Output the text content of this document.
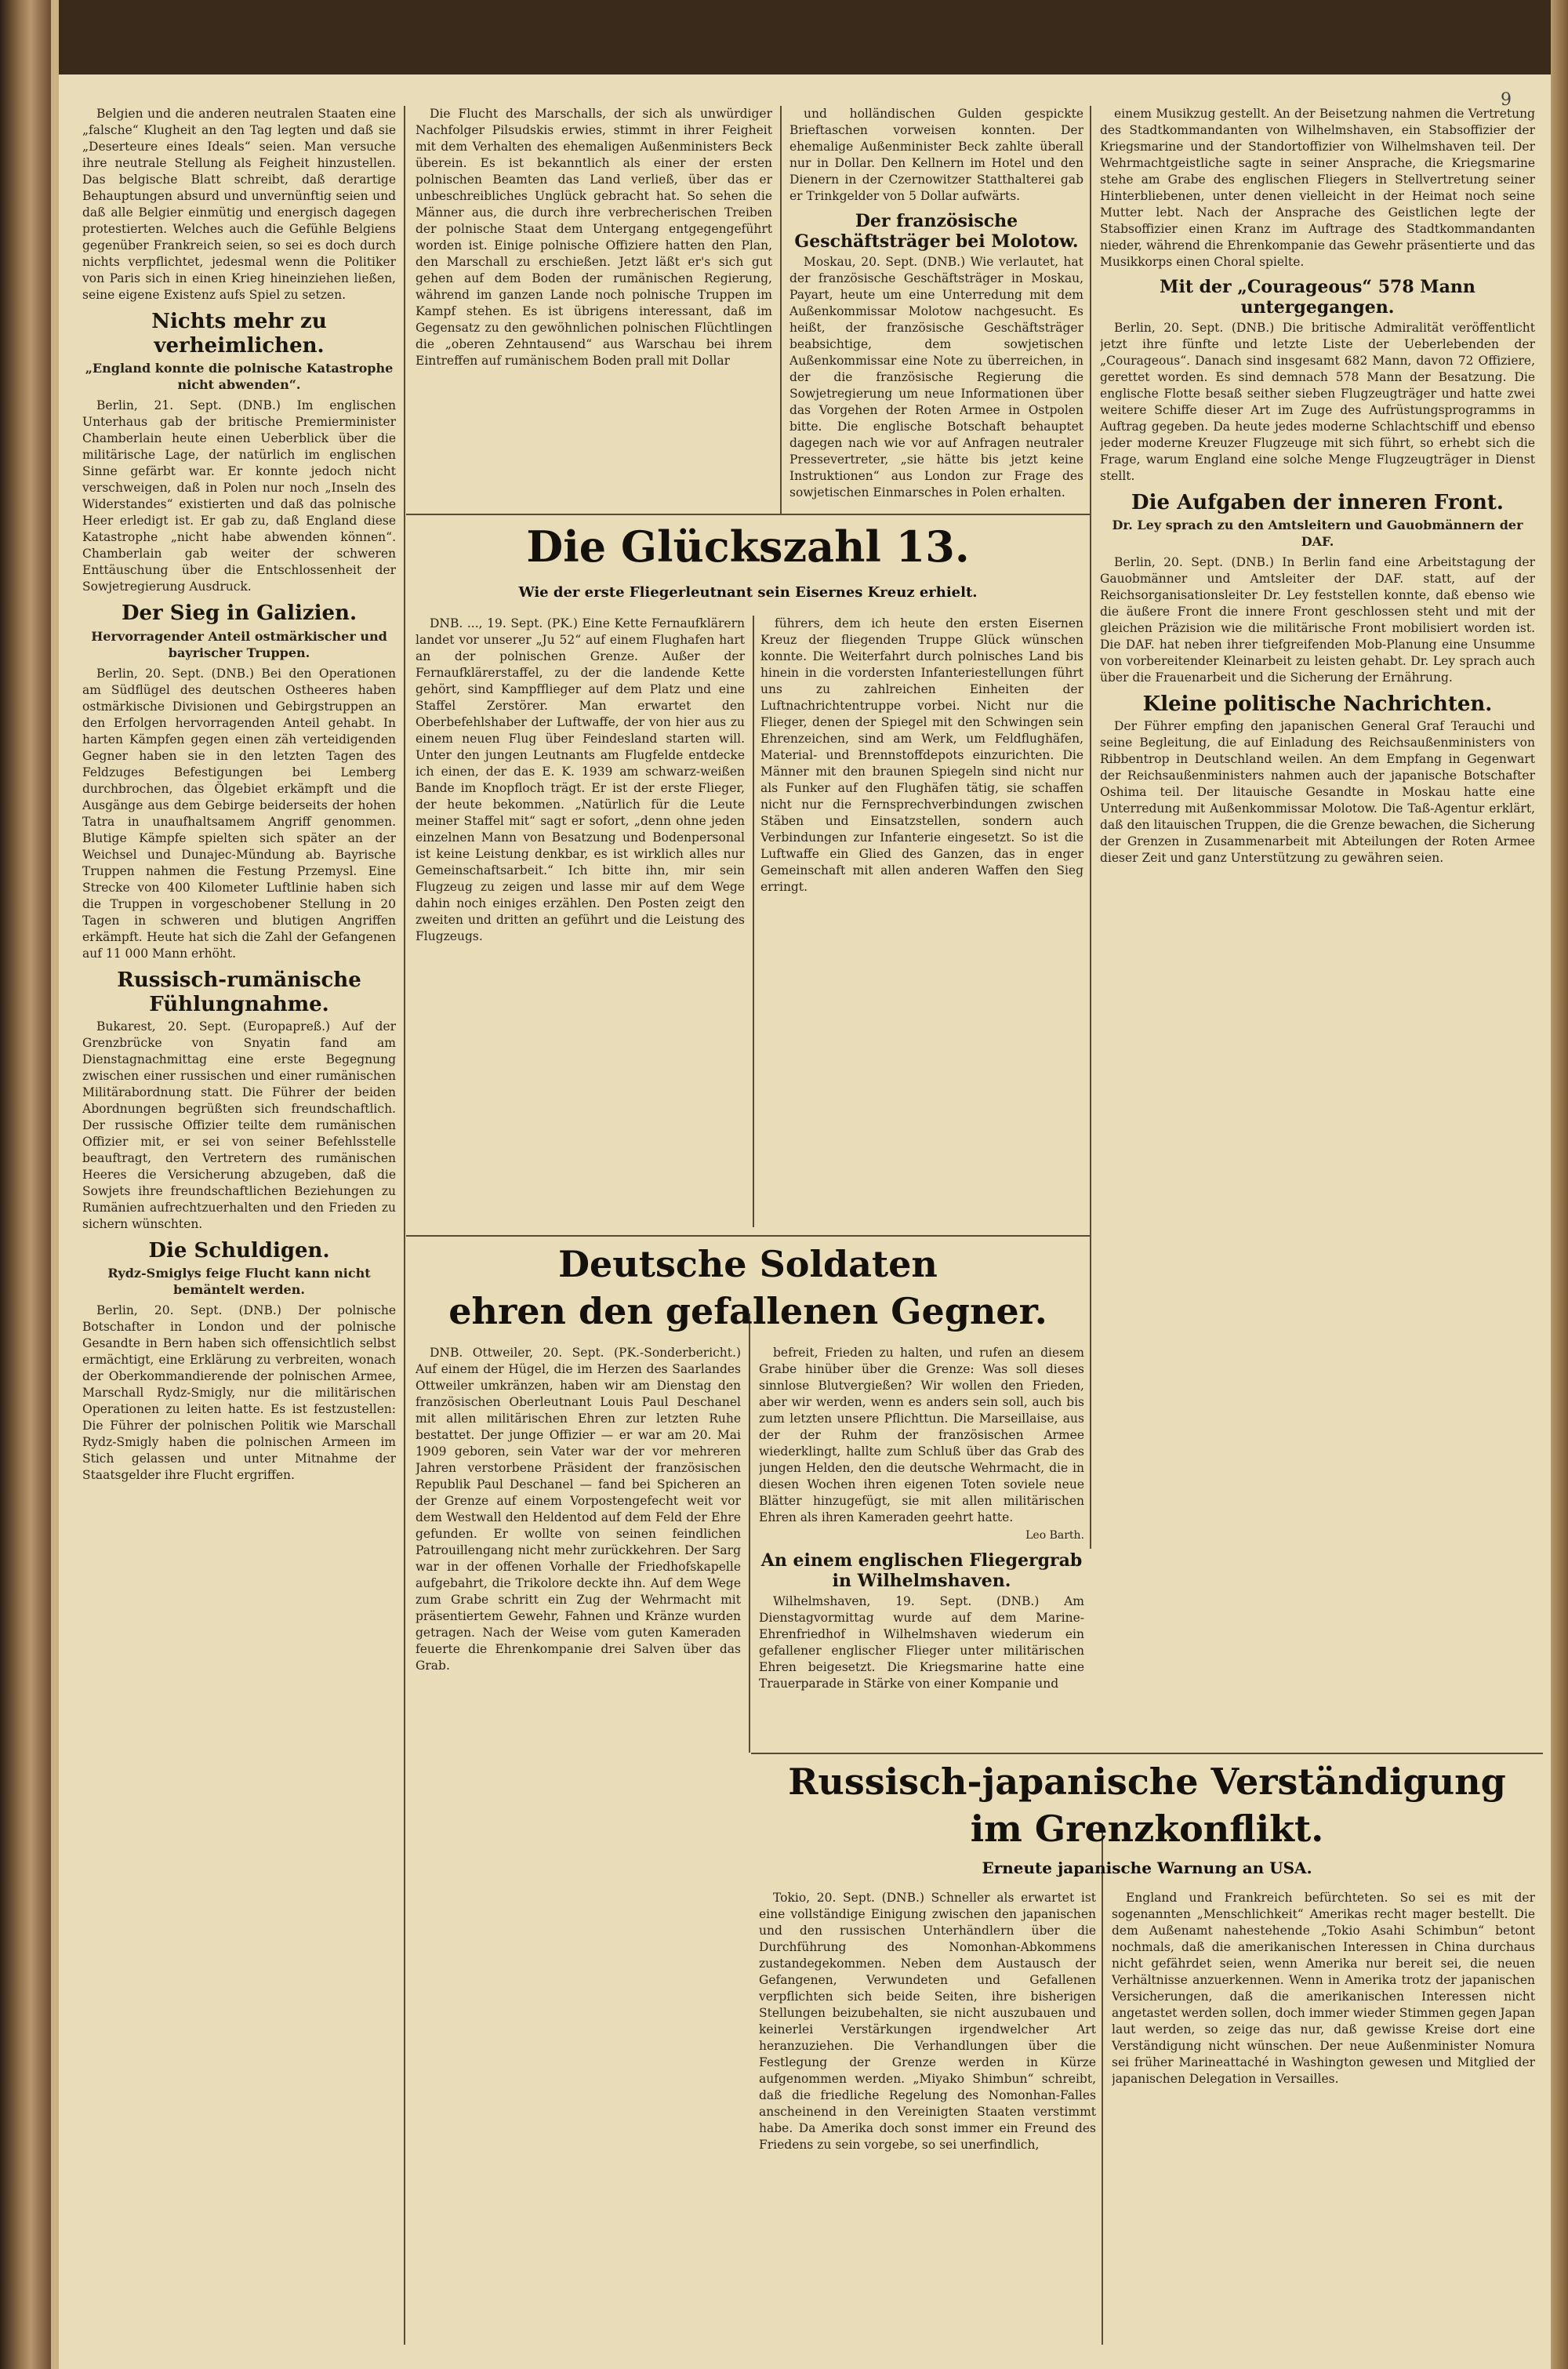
9

Belgien und die anderen neutralen Staaten eine „falsche“ Klugheit an den Tag legten und daß sie „Deserteure eines Ideals“ seien. Man versuche ihre neutrale Stellung als Feigheit hinzustellen. Das belgische Blatt schreibt, daß derartige Behauptungen absurd und unvernünftig seien und daß alle Belgier einmütig und energisch dagegen protestierten. Welches auch die Gefühle Belgiens gegenüber Frankreich seien, so sei es doch durch nichts verpflichtet, jedesmal wenn die Politiker von Paris sich in einen Krieg hineinziehen ließen, seine eigene Existenz aufs Spiel zu setzen.

Nichts mehr zu verheimlichen.
„England konnte die polnische Katastrophe nicht abwenden“.

Berlin, 21. Sept. (DNB.) Im englischen Unterhaus gab der britische Premierminister Chamberlain heute einen Ueberblick über die militärische Lage, der natürlich im englischen Sinne gefärbt war. Er konnte jedoch nicht verschweigen, daß in Polen nur noch „Inseln des Widerstandes“ existierten und daß das polnische Heer erledigt ist. Er gab zu, daß England diese Katastrophe „nicht habe abwenden können“. Chamberlain gab weiter der schweren Enttäuschung über die Entschlossenheit der Sowjetregierung Ausdruck.

Der Sieg in Galizien.
Hervorragender Anteil ostmärkischer und bayrischer Truppen.

Berlin, 20. Sept. (DNB.) Bei den Operationen am Südflügel des deutschen Ostheeres haben ostmärkische Divisionen und Gebirgstruppen an den Erfolgen hervorragenden Anteil gehabt. In harten Kämpfen gegen einen zäh verteidigenden Gegner haben sie in den letzten Tagen des Feldzuges Befestigungen bei Lemberg durchbrochen, das Ölgebiet erkämpft und die Ausgänge aus dem Gebirge beiderseits der hohen Tatra in unaufhaltsamem Angriff genommen. Blutige Kämpfe spielten sich später an der Weichsel und Dunajec-Mündung ab. Bayrische Truppen nahmen die Festung Przemysl. Eine Strecke von 400 Kilometer Luftlinie haben sich die Truppen in vorgeschobener Stellung in 20 Tagen in schweren und blutigen Angriffen erkämpft. Heute hat sich die Zahl der Gefangenen auf 11 000 Mann erhöht.

Russisch-rumänische Fühlungnahme.

Bukarest, 20. Sept. (Europapreß.) Auf der Grenzbrücke von Snyatin fand am Dienstagnachmittag eine erste Begegnung zwischen einer russischen und einer rumänischen Militärabordnung statt. Die Führer der beiden Abordnungen begrüßten sich freundschaftlich. Der russische Offizier teilte dem rumänischen Offizier mit, er sei von seiner Befehlsstelle beauftragt, den Vertretern des rumänischen Heeres die Versicherung abzugeben, daß die Sowjets ihre freundschaftlichen Beziehungen zu Rumänien aufrechtzuerhalten und den Frieden zu sichern wünschten.

Die Schuldigen.
Rydz-Smiglys feige Flucht kann nicht bemäntelt werden.

Berlin, 20. Sept. (DNB.) Der polnische Botschafter in London und der polnische Gesandte in Bern haben sich offensichtlich selbst ermächtigt, eine Erklärung zu verbreiten, wonach der Oberkommandierende der polnischen Armee, Marschall Rydz-Smigly, nur die militärischen Operationen zu leiten hatte. Es ist festzustellen: Die Führer der polnischen Politik wie Marschall Rydz-Smigly haben die polnischen Armeen im Stich gelassen und unter Mitnahme der Staatsgelder ihre Flucht ergriffen.

Die Flucht des Marschalls, der sich als unwürdiger Nachfolger Pilsudskis erwies, stimmt in ihrer Feigheit mit dem Verhalten des ehemaligen Außenministers Beck überein. Es ist bekanntlich als einer der ersten polnischen Beamten das Land verließ, über das er unbeschreibliches Unglück gebracht hat. So sehen die Männer aus, die durch ihre verbrecherischen Treiben der polnische Staat dem Untergang entgegengeführt worden ist. Einige polnische Offiziere hatten den Plan, den Marschall zu erschießen. Jetzt läßt er's sich gut gehen auf dem Boden der rumänischen Regierung, während im ganzen Lande noch polnische Truppen im Kampf stehen. Es ist übrigens interessant, daß im Gegensatz zu den gewöhnlichen polnischen Flüchtlingen die „oberen Zehntausend“ aus Warschau bei ihrem Eintreffen auf rumänischem Boden prall mit Dollar

und holländischen Gulden gespickte Brieftaschen vorweisen konnten. Der ehemalige Außenminister Beck zahlte überall nur in Dollar. Den Kellnern im Hotel und den Dienern in der Czernowitzer Statthalterei gab er Trinkgelder von 5 Dollar aufwärts.

Der französische Geschäftsträger bei Molotow.

Moskau, 20. Sept. (DNB.) Wie verlautet, hat der französische Geschäftsträger in Moskau, Payart, heute um eine Unterredung mit dem Außenkommissar Molotow nachgesucht. Es heißt, der französische Geschäftsträger beabsichtige, dem sowjetischen Außenkommissar eine Note zu überreichen, in der die französische Regierung die Sowjetregierung um neue Informationen über das Vorgehen der Roten Armee in Ostpolen bitte. Die englische Botschaft behauptet dagegen nach wie vor auf Anfragen neutraler Pressevertreter, „sie hätte bis jetzt keine Instruktionen“ aus London zur Frage des sowjetischen Einmarsches in Polen erhalten.

einem Musikzug gestellt. An der Beisetzung nahmen die Vertretung des Stadtkommandanten von Wilhelmshaven, ein Stabsoffizier der Kriegsmarine und der Standortoffizier von Wilhelmshaven teil. Der Wehrmachtgeistliche sagte in seiner Ansprache, die Kriegsmarine stehe am Grabe des englischen Fliegers in Stellvertretung seiner Hinterbliebenen, unter denen vielleicht in der Heimat noch seine Mutter lebt. Nach der Ansprache des Geistlichen legte der Stabsoffizier einen Kranz im Auftrage des Stadtkommandanten nieder, während die Ehrenkompanie das Gewehr präsentierte und das Musikkorps einen Choral spielte.

Mit der „Courageous“ 578 Mann untergegangen.

Berlin, 20. Sept. (DNB.) Die britische Admiralität veröffentlicht jetzt ihre fünfte und letzte Liste der Ueberlebenden der „Courageous“. Danach sind insgesamt 682 Mann, davon 72 Offiziere, gerettet worden. Es sind demnach 578 Mann der Besatzung. Die englische Flotte besaß seither sieben Flugzeugträger und hatte zwei weitere Schiffe dieser Art im Zuge des Aufrüstungsprogramms in Auftrag gegeben. Da heute jedes moderne Schlachtschiff und ebenso jeder moderne Kreuzer Flugzeuge mit sich führt, so erhebt sich die Frage, warum England eine solche Menge Flugzeugträger in Dienst stellt.

Die Aufgaben der inneren Front.
Dr. Ley sprach zu den Amtsleitern und Gauobmännern der DAF.

Berlin, 20. Sept. (DNB.) In Berlin fand eine Arbeitstagung der Gauobmänner und Amtsleiter der DAF. statt, auf der Reichsorganisationsleiter Dr. Ley feststellen konnte, daß ebenso wie die äußere Front die innere Front geschlossen steht und mit der gleichen Präzision wie die militärische Front mobilisiert worden ist. Die DAF. hat neben ihrer tiefgreifenden Mob-Planung eine Unsumme von vorbereitender Kleinarbeit zu leisten gehabt. Dr. Ley sprach auch über die Frauenarbeit und die Sicherung der Ernährung.

Kleine politische Nachrichten.

Der Führer empfing den japanischen General Graf Terauchi und seine Begleitung, die auf Einladung des Reichsaußenministers von Ribbentrop in Deutschland weilen. An dem Empfang in Gegenwart der Reichsaußenministers nahmen auch der japanische Botschafter Oshima teil. Der litauische Gesandte in Moskau hatte eine Unterredung mit Außenkommissar Molotow. Die Taß-Agentur erklärt, daß den litauischen Truppen, die die Grenze bewachen, die Sicherung der Grenzen in Zusammenarbeit mit Abteilungen der Roten Armee dieser Zeit und ganz Unterstützung zu gewähren seien.

Die Glückszahl 13.
Wie der erste Fliegerleutnant sein Eisernes Kreuz erhielt.

DNB. ..., 19. Sept. (PK.) Eine Kette Fernaufklärern landet vor unserer „Ju 52“ auf einem Flughafen hart an der polnischen Grenze. Außer der Fernaufklärerstaffel, zu der die landende Kette gehört, sind Kampfflieger auf dem Platz und eine Staffel Zerstörer. Man erwartet den Oberbefehlshaber der Luftwaffe, der von hier aus zu einem neuen Flug über Feindesland starten will. Unter den jungen Leutnants am Flugfelde entdecke ich einen, der das E. K. 1939 am schwarz-weißen Bande im Knopfloch trägt. Er ist der erste Flieger, der heute bekommen. „Natürlich für die Leute meiner Staffel mit“ sagt er sofort, „denn ohne jeden einzelnen Mann von Besatzung und Bodenpersonal ist keine Leistung denkbar, es ist wirklich alles nur Gemeinschaftsarbeit.“ Ich bitte ihn, mir sein Flugzeug zu zeigen und lasse mir auf dem Wege dahin noch einiges erzählen. Den Posten zeigt den zweiten und dritten an geführt und die Leistung des Flugzeugs.

führers, dem ich heute den ersten Eisernen Kreuz der fliegenden Truppe Glück wünschen konnte. Die Weiterfahrt durch polnisches Land bis hinein in die vordersten Infanteriestellungen führt uns zu zahlreichen Einheiten der Luftnachrichtentruppe vorbei. Nicht nur die Flieger, denen der Spiegel mit den Schwingen sein Ehrenzeichen, sind am Werk, um Feldflughäfen, Material- und Brennstoffdepots einzurichten. Die Männer mit den braunen Spiegeln sind nicht nur als Funker auf den Flughäfen tätig, sie schaffen nicht nur die Fernsprechverbindungen zwischen Stäben und Einsatzstellen, sondern auch Verbindungen zur Infanterie eingesetzt. So ist die Luftwaffe ein Glied des Ganzen, das in enger Gemeinschaft mit allen anderen Waffen den Sieg erringt.

Deutsche Soldaten
ehren den gefallenen Gegner.

DNB. Ottweiler, 20. Sept. (PK.-Sonderbericht.) Auf einem der Hügel, die im Herzen des Saarlandes Ottweiler umkränzen, haben wir am Dienstag den französischen Oberleutnant Louis Paul Deschanel mit allen militärischen Ehren zur letzten Ruhe bestattet. Der junge Offizier — er war am 20. Mai 1909 geboren, sein Vater war der vor mehreren Jahren verstorbene Präsident der französischen Republik Paul Deschanel — fand bei Spicheren an der Grenze auf einem Vorpostengefecht weit vor dem Westwall den Heldentod auf dem Feld der Ehre gefunden. Er wollte von seinen feindlichen Patrouillengang nicht mehr zurückkehren. Der Sarg war in der offenen Vorhalle der Friedhofskapelle aufgebahrt, die Trikolore deckte ihn. Auf dem Wege zum Grabe schritt ein Zug der Wehrmacht mit präsentiertem Gewehr, Fahnen und Kränze wurden getragen. Nach der Weise vom guten Kameraden feuerte die Ehrenkompanie drei Salven über das Grab.

befreit, Frieden zu halten, und rufen an diesem Grabe hinüber über die Grenze: Was soll dieses sinnlose Blutvergießen? Wir wollen den Frieden, aber wir werden, wenn es anders sein soll, auch bis zum letzten unsere Pflichttun. Die Marseillaise, aus der der Ruhm der französischen Armee wiederklingt, hallte zum Schluß über das Grab des jungen Helden, den die deutsche Wehrmacht, die in diesen Wochen ihren eigenen Toten soviele neue Blätter hinzugefügt, sie mit allen militärischen Ehren als ihren Kameraden geehrt hatte.

Leo Barth.
An einem englischen Fliegergrab in Wilhelmshaven.

Wilhelmshaven, 19. Sept. (DNB.) Am Dienstagvormittag wurde auf dem Marine-Ehrenfriedhof in Wilhelmshaven wiederum ein gefallener englischer Flieger unter militärischen Ehren beigesetzt. Die Kriegsmarine hatte eine Trauerparade in Stärke von einer Kompanie und

Russisch-japanische Verständigung
im Grenzkonflikt.
Erneute japanische Warnung an USA.

Tokio, 20. Sept. (DNB.) Schneller als erwartet ist eine vollständige Einigung zwischen den japanischen und den russischen Unterhändlern über die Durchführung des Nomonhan-Abkommens zustandegekommen. Neben dem Austausch der Gefangenen, Verwundeten und Gefallenen verpflichten sich beide Seiten, ihre bisherigen Stellungen beizubehalten, sie nicht auszubauen und keinerlei Verstärkungen irgendwelcher Art heranzuziehen. Die Verhandlungen über die Festlegung der Grenze werden in Kürze aufgenommen werden. „Miyako Shimbun“ schreibt, daß die friedliche Regelung des Nomonhan-Falles anscheinend in den Vereinigten Staaten verstimmt habe. Da Amerika doch sonst immer ein Freund des Friedens zu sein vorgebe, so sei unerfindlich,

England und Frankreich befürchteten. So sei es mit der sogenannten „Menschlichkeit“ Amerikas recht mager bestellt. Die dem Außenamt nahestehende „Tokio Asahi Schimbun“ betont nochmals, daß die amerikanischen Interessen in China durchaus nicht gefährdet seien, wenn Amerika nur bereit sei, die neuen Verhältnisse anzuerkennen. Wenn in Amerika trotz der japanischen Versicherungen, daß die amerikanischen Interessen nicht angetastet werden sollen, doch immer wieder Stimmen gegen Japan laut werden, so zeige das nur, daß gewisse Kreise dort eine Verständigung nicht wünschen. Der neue Außenminister Nomura sei früher Marineattaché in Washington gewesen und Mitglied der japanischen Delegation in Versailles.
